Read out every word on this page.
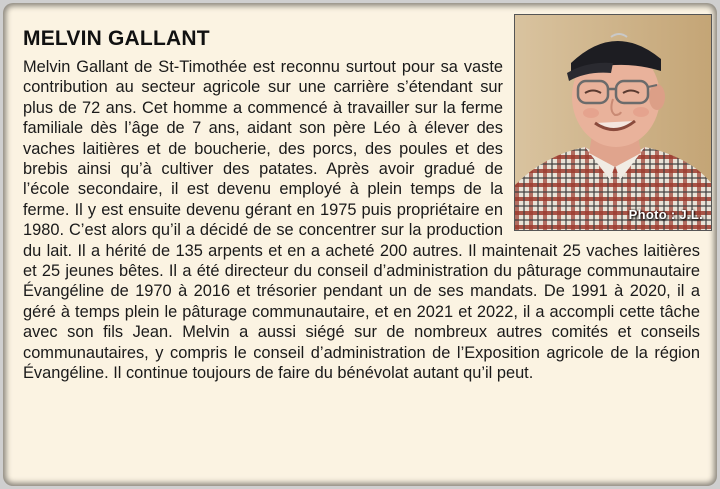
MELVIN GALLANT
Photo : J.L.

Melvin Gallant de St-Timothée est reconnu surtout pour sa vaste contribution au secteur agricole sur une carrière s’étendant sur plus de 72 ans. Cet homme a commencé à travailler sur la ferme familiale dès l’âge de 7 ans, aidant son père Léo à élever des vaches laitières et de boucherie, des porcs, des poules et des brebis ainsi qu’à cultiver des patates. Après avoir gradué de l’école secondaire, il est devenu employé à plein temps de la ferme. Il y est ensuite devenu gérant en 1975 puis propriétaire en 1980. C’est alors qu’il a décidé de se concentrer sur la production du lait. Il a hérité de 135 arpents et en a acheté 200 autres. Il maintenait 25 vaches laitières et 25 jeunes bêtes. Il a été directeur du conseil d’administration du pâturage communautaire Évangéline de 1970 à 2016 et trésorier pendant un de ses mandats. De 1991 à 2020, il a géré à temps plein le pâturage communautaire, et en 2021 et 2022, il a accompli cette tâche avec son fils Jean. Melvin a aussi siégé sur de nombreux autres comités et conseils communautaires, y compris le conseil d’administration de l’Exposition agricole de la région Évangéline. Il continue toujours de faire du bénévolat autant qu’il peut.
